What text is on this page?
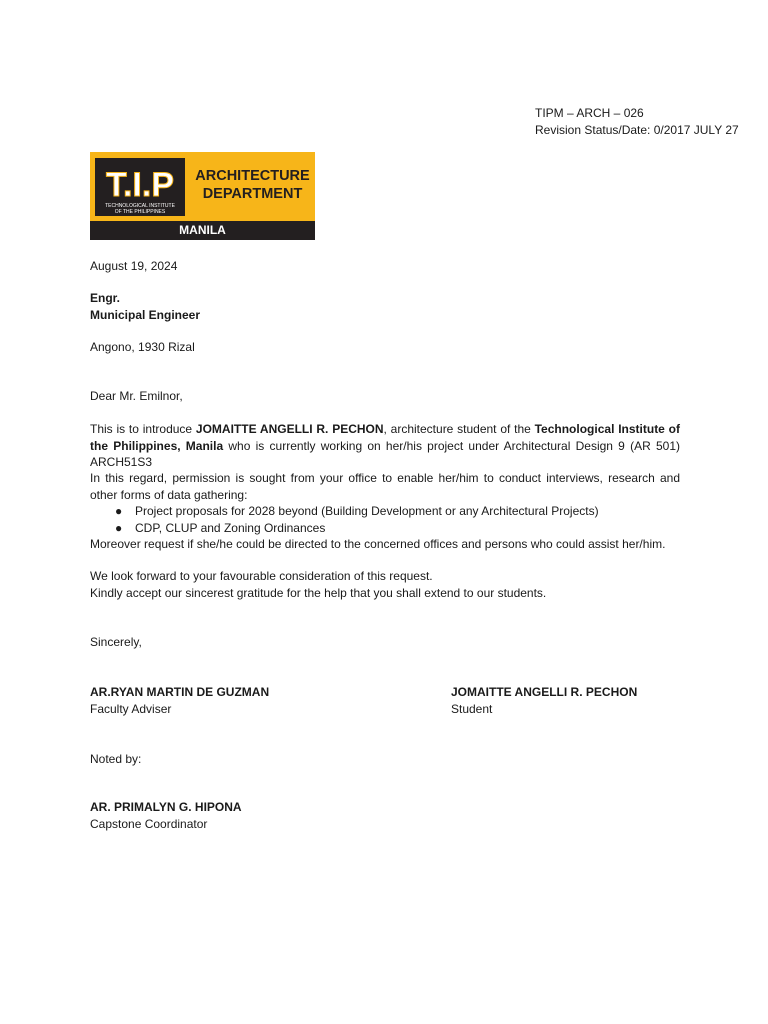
TIPM – ARCH – 026
Revision Status/Date: 0/2017 JULY 27
T.I.P
TECHNOLOGICAL INSTITUTE
OF THE PHILIPPINES
ARCHITECTURE
DEPARTMENT
MANILA
August 19, 2024
Engr.
Municipal Engineer
Angono, 1930 Rizal
Dear Mr. Emilnor,
This is to introduce JOMAITTE ANGELLI R. PECHON, architecture student of the Technological Institute of the Philippines, Manila who is currently working on her/his project under Architectural Design 9 (AR 501) ARCH51S3
In this regard, permission is sought from your office to enable her/him to conduct interviews, research and other forms of data gathering:
● Project proposals for 2028 beyond (Building Development or any Architectural Projects)
● CDP, CLUP and Zoning Ordinances
Moreover request if she/he could be directed to the concerned offices and persons who could assist her/him.
We look forward to your favourable consideration of this request.
Kindly accept our sincerest gratitude for the help that you shall extend to our students.
Sincerely,
AR.RYAN MARTIN DE GUZMAN
Faculty Adviser
JOMAITTE ANGELLI R. PECHON
Student
Noted by:
AR. PRIMALYN G. HIPONA
Capstone Coordinator
